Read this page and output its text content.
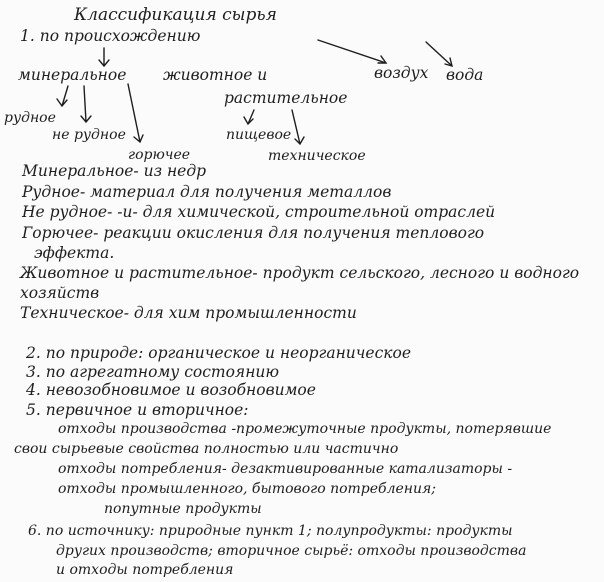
Классификация сырья
1. по происхождению
минеральное животное и
растительное
воздух вода
рудное
не рудное
горючее
пищевое
техническое
Минеральное- из недр
Рудное- материал для получения металлов
Не рудное- -и- для химической, строительной отраслей
Горючее- реакции окисления для получения теплового
эффекта.
Животное и растительное- продукт сельского, лесного и водного
хозяйств
Техническое- для хим промышленности
2. по природе: органическое и неорганическое
3. по агрегатному состоянию
4. невозобновимое и возобновимое
5. первичное и вторичное:
отходы производства -промежуточные продукты, потерявшие
свои сырьевые свойства полностью или частично
отходы потребления- дезактивированные катализаторы -
отходы промышленного, бытового потребления;
попутные продукты
6. по источнику: природные пункт 1; полупродукты: продукты
других производств; вторичное сырьё: отходы производства
и отходы потребления
